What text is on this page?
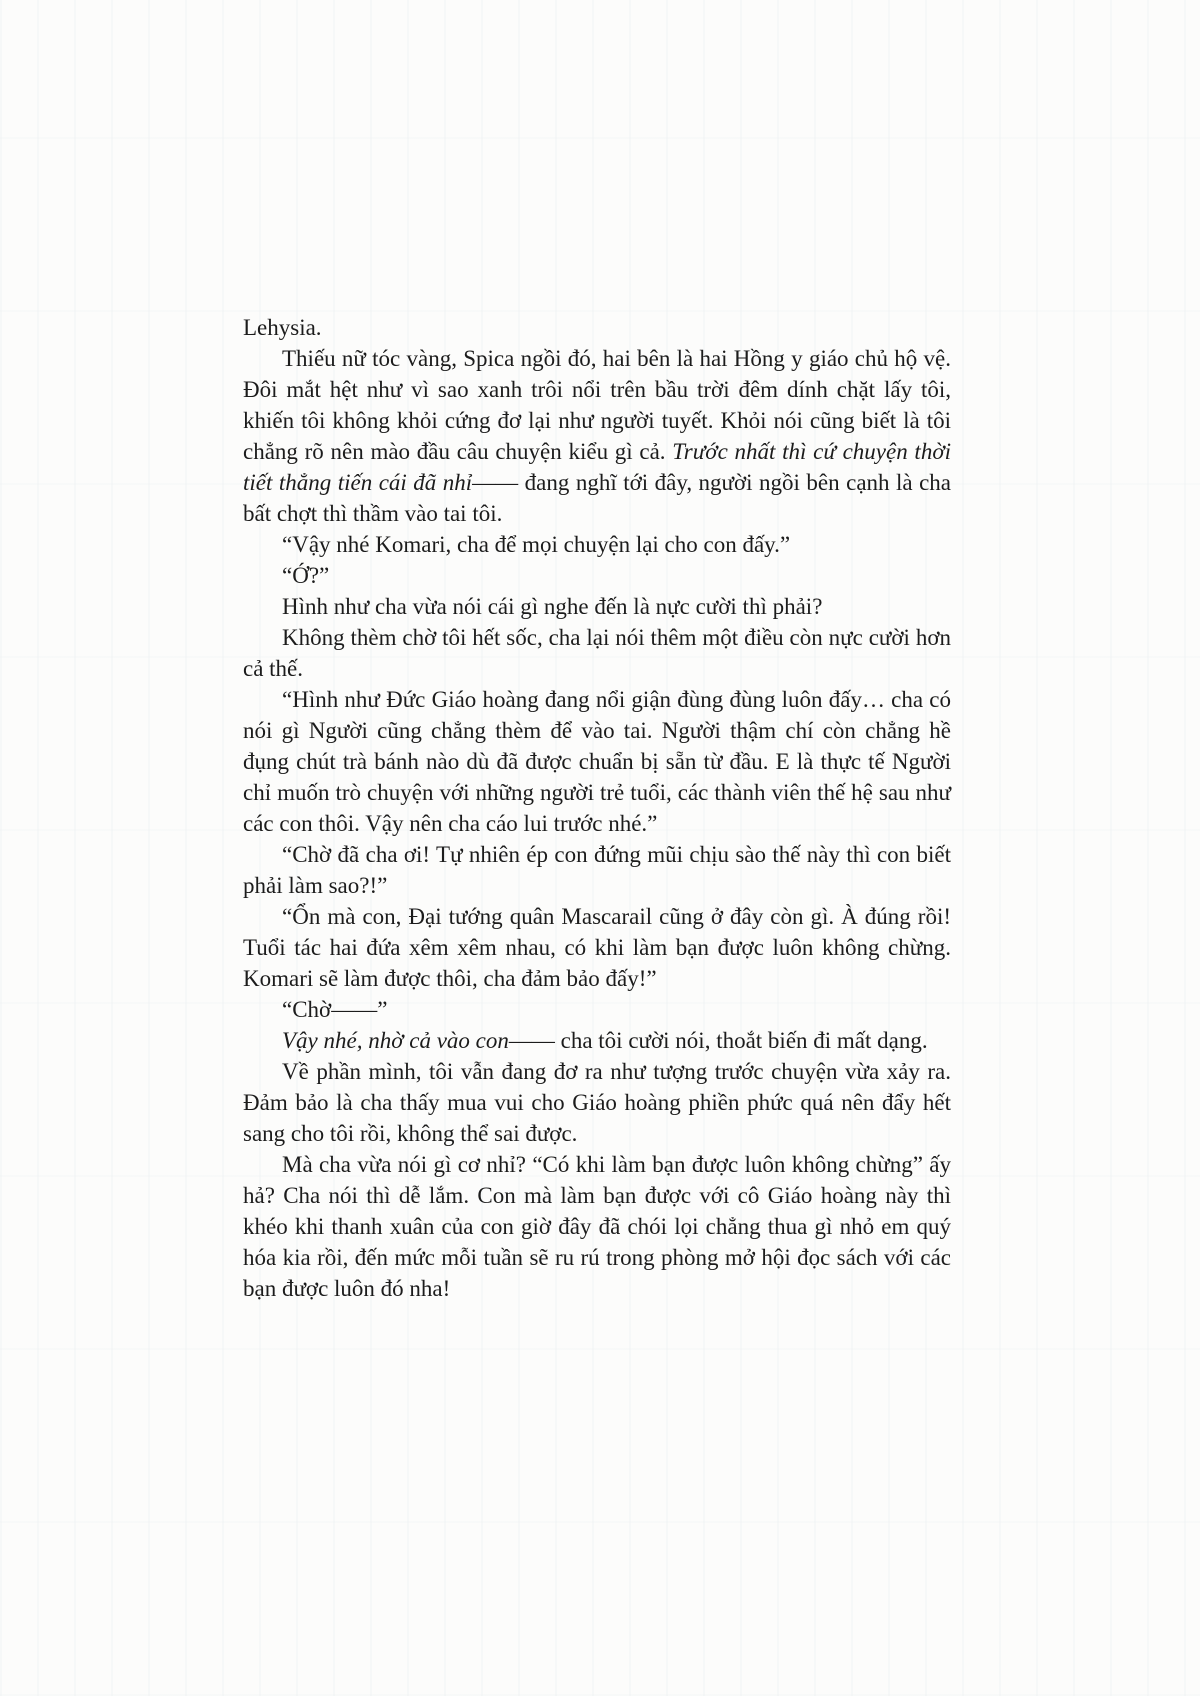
Lehysia.

Thiếu nữ tóc vàng, Spica ngồi đó, hai bên là hai Hồng y giáo chủ hộ vệ. Đôi mắt hệt như vì sao xanh trôi nổi trên bầu trời đêm dính chặt lấy tôi, khiến tôi không khỏi cứng đơ lại như người tuyết. Khỏi nói cũng biết là tôi chẳng rõ nên mào đầu câu chuyện kiểu gì cả. Trước nhất thì cứ chuyện thời tiết thẳng tiến cái đã nhỉ—— đang nghĩ tới đây, người ngồi bên cạnh là cha bất chợt thì thầm vào tai tôi.

“Vậy nhé Komari, cha để mọi chuyện lại cho con đấy.”

“Ớ?”

Hình như cha vừa nói cái gì nghe đến là nực cười thì phải?

Không thèm chờ tôi hết sốc, cha lại nói thêm một điều còn nực cười hơn cả thế.

“Hình như Đức Giáo hoàng đang nổi giận đùng đùng luôn đấy… cha có nói gì Người cũng chẳng thèm để vào tai. Người thậm chí còn chẳng hề đụng chút trà bánh nào dù đã được chuẩn bị sẵn từ đầu. E là thực tế Người chỉ muốn trò chuyện với những người trẻ tuổi, các thành viên thế hệ sau như các con thôi. Vậy nên cha cáo lui trước nhé.”

“Chờ đã cha ơi! Tự nhiên ép con đứng mũi chịu sào thế này thì con biết phải làm sao?!”

“Ổn mà con, Đại tướng quân Mascarail cũng ở đây còn gì. À đúng rồi! Tuổi tác hai đứa xêm xêm nhau, có khi làm bạn được luôn không chừng. Komari sẽ làm được thôi, cha đảm bảo đấy!”

“Chờ——”

Vậy nhé, nhờ cả vào con—— cha tôi cười nói, thoắt biến đi mất dạng.

Về phần mình, tôi vẫn đang đơ ra như tượng trước chuyện vừa xảy ra. Đảm bảo là cha thấy mua vui cho Giáo hoàng phiền phức quá nên đẩy hết sang cho tôi rồi, không thể sai được.

Mà cha vừa nói gì cơ nhỉ? “Có khi làm bạn được luôn không chừng” ấy hả? Cha nói thì dễ lắm. Con mà làm bạn được với cô Giáo hoàng này thì khéo khi thanh xuân của con giờ đây đã chói lọi chẳng thua gì nhỏ em quý hóa kia rồi, đến mức mỗi tuần sẽ ru rú trong phòng mở hội đọc sách với các bạn được luôn đó nha!
